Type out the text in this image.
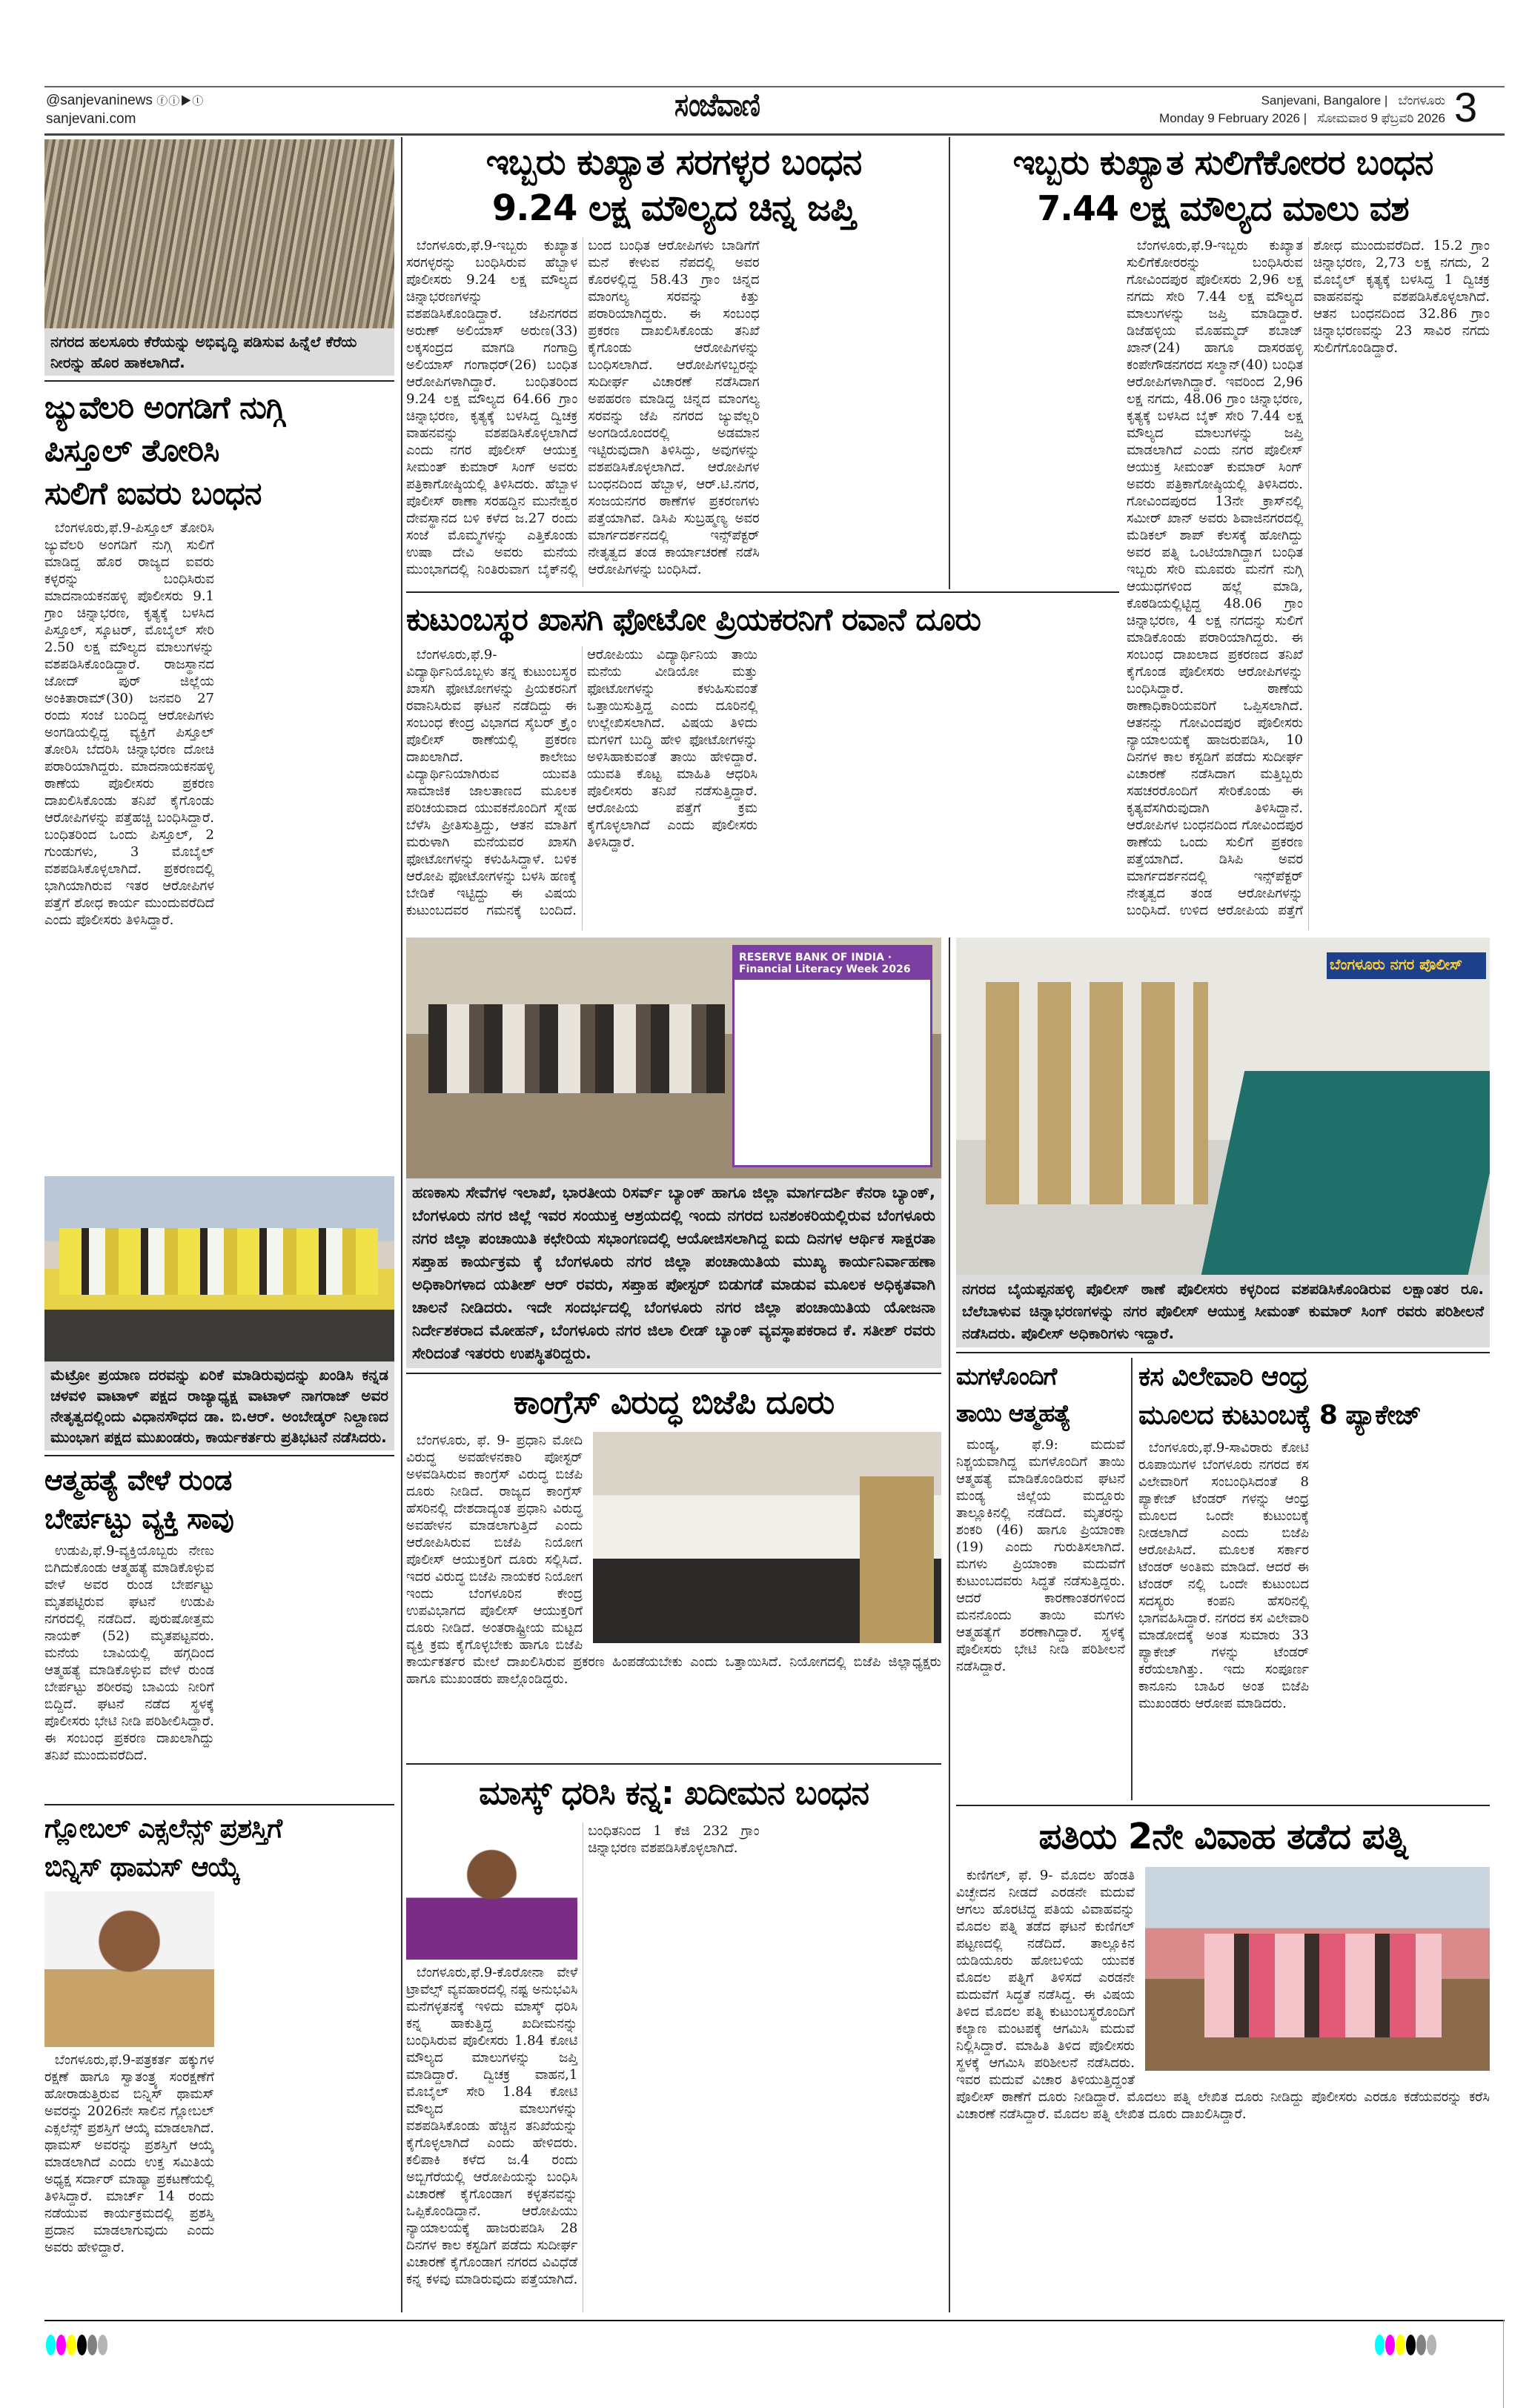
@sanjevaninews ⓕⓘ▶ⓣ
sanjevani.com	ಸಂಜೆವಾಣಿ	Sanjevani, Bangalore | ಬೆಂಗಳೂರು
Monday 9 February 2026 | ಸೋಮವಾರ 9 ಫೆಬ್ರವರಿ 2026 3
ನಗರದ ಹಲಸೂರು ಕೆರೆಯನ್ನು ಅಭಿವೃದ್ಧಿ ಪಡಿಸುವ ಹಿನ್ನೆಲೆ ಕೆರೆಯ ನೀರನ್ನು ಹೊರ ಹಾಕಲಾಗಿದೆ.
ಜ್ಯುವೆಲರಿ ಅಂಗಡಿಗೆ ನುಗ್ಗಿ
ಪಿಸ್ತೂಲ್ ತೋರಿಸಿ
ಸುಲಿಗೆ ಐವರು ಬಂಧನ

ಬೆಂಗಳೂರು,ಫೆ.9-ಪಿಸ್ತೂಲ್ ತೋರಿಸಿ ಜ್ಯುವೆಲರಿ ಅಂಗಡಿಗೆ ನುಗ್ಗಿ ಸುಲಿಗೆ ಮಾಡಿದ್ದ ಹೊರ ರಾಜ್ಯದ ಐವರು ಕಳ್ಳರನ್ನು ಬಂಧಿಸಿರುವ ಮಾದನಾಯಕನಹಳ್ಳಿ ಪೊಲೀಸರು 9.1 ಗ್ರಾಂ ಚಿನ್ನಾಭರಣ, ಕೃತ್ಯಕ್ಕೆ ಬಳಸಿದ ಪಿಸ್ತೂಲ್, ಸ್ಕೂಟರ್, ಮೊಬೈಲ್ ಸೇರಿ 2.50 ಲಕ್ಷ ಮೌಲ್ಯದ ಮಾಲುಗಳನ್ನು ವಶಪಡಿಸಿಕೊಂಡಿದ್ದಾರೆ. ರಾಜಸ್ಥಾನದ ಜೋದ್ ಪುರ್ ಜಿಲ್ಲೆಯ ಅಂಕಿತಾರಾಮ್(30) ಜನವರಿ 27 ರಂದು ಸಂಜೆ ಬಂದಿದ್ದ ಆರೋಪಿಗಳು ಅಂಗಡಿಯಲ್ಲಿದ್ದ ವ್ಯಕ್ತಿಗೆ ಪಿಸ್ತೂಲ್ ತೋರಿಸಿ ಬೆದರಿಸಿ ಚಿನ್ನಾಭರಣ ದೋಚಿ ಪರಾರಿಯಾಗಿದ್ದರು. ಮಾದನಾಯಕನಹಳ್ಳಿ ಠಾಣೆಯ ಪೊಲೀಸರು ಪ್ರಕರಣ ದಾಖಲಿಸಿಕೊಂಡು ತನಿಖೆ ಕೈಗೊಂಡು ಆರೋಪಿಗಳನ್ನು ಪತ್ತೆಹಚ್ಚಿ ಬಂಧಿಸಿದ್ದಾರೆ. ಬಂಧಿತರಿಂದ ಒಂದು ಪಿಸ್ತೂಲ್, 2 ಗುಂಡುಗಳು, 3 ಮೊಬೈಲ್ ವಶಪಡಿಸಿಕೊಳ್ಳಲಾಗಿದೆ. ಪ್ರಕರಣದಲ್ಲಿ ಭಾಗಿಯಾಗಿರುವ ಇತರ ಆರೋಪಿಗಳ ಪತ್ತೆಗೆ ಶೋಧ ಕಾರ್ಯ ಮುಂದುವರೆದಿದೆ ಎಂದು ಪೊಲೀಸರು ತಿಳಿಸಿದ್ದಾರೆ.

ಮೆಟ್ರೋ ಪ್ರಯಾಣ ದರವನ್ನು ಏರಿಕೆ ಮಾಡಿರುವುದನ್ನು ಖಂಡಿಸಿ ಕನ್ನಡ ಚಳವಳಿ ವಾಟಾಳ್ ಪಕ್ಷದ ರಾಜ್ಯಾಧ್ಯಕ್ಷ ವಾಟಾಳ್ ನಾಗರಾಜ್ ಅವರ ನೇತೃತ್ವದಲ್ಲಿಂದು ವಿಧಾನಸೌಧದ ಡಾ. ಬಿ.ಆರ್. ಅಂಬೇಡ್ಕರ್ ನಿಲ್ದಾಣದ ಮುಂಭಾಗ ಪಕ್ಷದ ಮುಖಂಡರು, ಕಾರ್ಯಕರ್ತರು ಪ್ರತಿಭಟನೆ ನಡೆಸಿದರು.
ಆತ್ಮಹತ್ಯೆ ವೇಳೆ ರುಂಡ
ಬೇರ್ಪಟ್ಟು ವ್ಯಕ್ತಿ ಸಾವು

ಉಡುಪಿ,ಫೆ.9-ವ್ಯಕ್ತಿಯೊಬ್ಬರು ನೇಣು ಬಿಗಿದುಕೊಂಡು ಆತ್ಮಹತ್ಯೆ ಮಾಡಿಕೊಳ್ಳುವ ವೇಳೆ ಅವರ ರುಂಡ ಬೇರ್ಪಟ್ಟು ಮೃತಪಟ್ಟಿರುವ ಘಟನೆ ಉಡುಪಿ ನಗರದಲ್ಲಿ ನಡೆದಿದೆ. ಪುರುಷೋತ್ತಮ ನಾಯಕ್ (52) ಮೃತಪಟ್ಟವರು. ಮನೆಯ ಬಾವಿಯಲ್ಲಿ ಹಗ್ಗದಿಂದ ಆತ್ಮಹತ್ಯೆ ಮಾಡಿಕೊಳ್ಳುವ ವೇಳೆ ರುಂಡ ಬೇರ್ಪಟ್ಟು ಶರೀರವು ಬಾವಿಯ ನೀರಿಗೆ ಬಿದ್ದಿದೆ. ಘಟನೆ ನಡೆದ ಸ್ಥಳಕ್ಕೆ ಪೊಲೀಸರು ಭೇಟಿ ನೀಡಿ ಪರಿಶೀಲಿಸಿದ್ದಾರೆ. ಈ ಸಂಬಂಧ ಪ್ರಕರಣ ದಾಖಲಾಗಿದ್ದು ತನಿಖೆ ಮುಂದುವರೆದಿದೆ.

ಗ್ಲೋಬಲ್ ಎಕ್ಸಲೆನ್ಸ್ ಪ್ರಶಸ್ತಿಗೆ
ಬಿನ್ನಿಸ್ ಥಾಮಸ್ ಆಯ್ಕೆ

ಬೆಂಗಳೂರು,ಫೆ.9-ಪತ್ರಕರ್ತ ಹಕ್ಕುಗಳ ರಕ್ಷಣೆ ಹಾಗೂ ಸ್ವಾತಂತ್ರ್ಯ ಸಂರಕ್ಷಣೆಗೆ ಹೋರಾಡುತ್ತಿರುವ ಬಿನ್ನಿಸ್ ಥಾಮಸ್ ಅವರನ್ನು 2026ನೇ ಸಾಲಿನ ಗ್ಲೋಬಲ್ ಎಕ್ಸಲೆನ್ಸ್ ಪ್ರಶಸ್ತಿಗೆ ಆಯ್ಕೆ ಮಾಡಲಾಗಿದೆ. ಥಾಮಸ್ ಅವರನ್ನು ಪ್ರಶಸ್ತಿಗೆ ಆಯ್ಕೆ ಮಾಡಲಾಗಿದೆ ಎಂದು ಉಕ್ತ ಸಮಿತಿಯ ಅಧ್ಯಕ್ಷ ಸರ್ದಾರ್ ಮಾಹ್ಯಾ ಪ್ರಕಟಣೆಯಲ್ಲಿ ತಿಳಿಸಿದ್ದಾರೆ. ಮಾರ್ಚ್ 14 ರಂದು ನಡೆಯುವ ಕಾರ್ಯಕ್ರಮದಲ್ಲಿ ಪ್ರಶಸ್ತಿ ಪ್ರದಾನ ಮಾಡಲಾಗುವುದು ಎಂದು ಅವರು ಹೇಳಿದ್ದಾರೆ.

ಇಬ್ಬರು ಕುಖ್ಯಾತ ಸರಗಳ್ಳರ ಬಂಧನ
9.24 ಲಕ್ಷ ಮೌಲ್ಯದ ಚಿನ್ನ ಜಪ್ತಿ

ಬೆಂಗಳೂರು,ಫೆ.9-ಇಬ್ಬರು ಕುಖ್ಯಾತ ಸರಗಳ್ಳರನ್ನು ಬಂಧಿಸಿರುವ ಹೆಬ್ಬಾಳ ಪೊಲೀಸರು 9.24 ಲಕ್ಷ ಮೌಲ್ಯದ ಚಿನ್ನಾಭರಣಗಳನ್ನು ವಶಪಡಿಸಿಕೊಂಡಿದ್ದಾರೆ. ಜೆಪಿನಗರದ ಅರುಣ್ ಅಲಿಯಾಸ್ ಅರುಣ(33) ಲಕ್ಕಸಂದ್ರದ ಮಾಗಡಿ ಗಂಗಾದ್ರಿ ಅಲಿಯಾಸ್ ಗಂಗಾಧರ್(26) ಬಂಧಿತ ಆರೋಪಿಗಳಾಗಿದ್ದಾರೆ. ಬಂಧಿತರಿಂದ 9.24 ಲಕ್ಷ ಮೌಲ್ಯದ 64.66 ಗ್ರಾಂ ಚಿನ್ನಾಭರಣ, ಕೃತ್ಯಕ್ಕೆ ಬಳಸಿದ್ದ ದ್ವಿಚಕ್ರ ವಾಹನವನ್ನು ವಶಪಡಿಸಿಕೊಳ್ಳಲಾಗಿದೆ ಎಂದು ನಗರ ಪೊಲೀಸ್ ಆಯುಕ್ತ ಸೀಮಂತ್ ಕುಮಾರ್ ಸಿಂಗ್ ಅವರು ಪತ್ರಿಕಾಗೋಷ್ಠಿಯಲ್ಲಿ ತಿಳಿಸಿದರು. ಹೆಬ್ಬಾಳ ಪೊಲೀಸ್ ಠಾಣಾ ಸರಹದ್ದಿನ ಮುನೇಶ್ವರ ದೇವಸ್ಥಾನದ ಬಳಿ ಕಳೆದ ಜ.27 ರಂದು ಸಂಜೆ ಮೊಮ್ಮಗಳನ್ನು ಎತ್ತಿಕೊಂಡು ಉಷಾ ದೇವಿ ಅವರು ಮನೆಯ ಮುಂಭಾಗದಲ್ಲಿ ನಿಂತಿರುವಾಗ ಬೈಕ್‌ನಲ್ಲಿ ಬಂದ ಬಂಧಿತ ಆರೋಪಿಗಳು ಬಾಡಿಗೆಗೆ ಮನೆ ಕೇಳುವ ನೆಪದಲ್ಲಿ ಅವರ ಕೊರಳಲ್ಲಿದ್ದ 58.43 ಗ್ರಾಂ ಚಿನ್ನದ ಮಾಂಗಲ್ಯ ಸರವನ್ನು ಕಿತ್ತು ಪರಾರಿಯಾಗಿದ್ದರು. ಈ ಸಂಬಂಧ ಪ್ರಕರಣ ದಾಖಲಿಸಿಕೊಂಡು ತನಿಖೆ ಕೈಗೊಂಡು ಆರೋಪಿಗಳನ್ನು ಬಂಧಿಸಲಾಗಿದೆ. ಆರೋಪಿಗಳಿಬ್ಬರನ್ನು ಸುದೀರ್ಘ ವಿಚಾರಣೆ ನಡೆಸಿದಾಗ ಅಪಹರಣ ಮಾಡಿದ್ದ ಚಿನ್ನದ ಮಾಂಗಲ್ಯ ಸರವನ್ನು ಜೆಪಿ ನಗರದ ಜ್ಯುವೆಲ್ಲರಿ ಅಂಗಡಿಯೊಂದರಲ್ಲಿ ಅಡಮಾನ ಇಟ್ಟಿರುವುದಾಗಿ ತಿಳಿಸಿದ್ದು, ಅವುಗಳನ್ನು ವಶಪಡಿಸಿಕೊಳ್ಳಲಾಗಿದೆ. ಆರೋಪಿಗಳ ಬಂಧನದಿಂದ ಹೆಬ್ಬಾಳ, ಆರ್.ಟಿ.ನಗರ, ಸಂಜಯನಗರ ಠಾಣೆಗಳ ಪ್ರಕರಣಗಳು ಪತ್ತೆಯಾಗಿವೆ. ಡಿಸಿಪಿ ಸುಬ್ರಹ್ಮಣ್ಯ ಅವರ ಮಾರ್ಗದರ್ಶನದಲ್ಲಿ ಇನ್ಸ್‌ಪೆಕ್ಟರ್ ನೇತೃತ್ವದ ತಂಡ ಕಾರ್ಯಾಚರಣೆ ನಡೆಸಿ ಆರೋಪಿಗಳನ್ನು ಬಂಧಿಸಿದೆ.

ಕುಟುಂಬಸ್ಥರ ಖಾಸಗಿ ಫೋಟೋ ಪ್ರಿಯಕರನಿಗೆ ರವಾನೆ ದೂರು

ಬೆಂಗಳೂರು,ಫೆ.9-ವಿದ್ಯಾರ್ಥಿನಿಯೊಬ್ಬಳು ತನ್ನ ಕುಟುಂಬಸ್ಥರ ಖಾಸಗಿ ಫೋಟೋಗಳನ್ನು ಪ್ರಿಯಕರನಿಗೆ ರವಾನಿಸಿರುವ ಘಟನೆ ನಡೆದಿದ್ದು ಈ ಸಂಬಂಧ ಕೇಂದ್ರ ವಿಭಾಗದ ಸೈಬರ್ ಕ್ರೈಂ ಪೊಲೀಸ್ ಠಾಣೆಯಲ್ಲಿ ಪ್ರಕರಣ ದಾಖಲಾಗಿದೆ. ಕಾಲೇಜು ವಿದ್ಯಾರ್ಥಿನಿಯಾಗಿರುವ ಯುವತಿ ಸಾಮಾಜಿಕ ಜಾಲತಾಣದ ಮೂಲಕ ಪರಿಚಯವಾದ ಯುವಕನೊಂದಿಗೆ ಸ್ನೇಹ ಬೆಳೆಸಿ ಪ್ರೀತಿಸುತ್ತಿದ್ದು, ಆತನ ಮಾತಿಗೆ ಮರುಳಾಗಿ ಮನೆಯವರ ಖಾಸಗಿ ಫೋಟೋಗಳನ್ನು ಕಳುಹಿಸಿದ್ದಾಳೆ. ಬಳಿಕ ಆರೋಪಿ ಫೋಟೋಗಳನ್ನು ಬಳಸಿ ಹಣಕ್ಕೆ ಬೇಡಿಕೆ ಇಟ್ಟಿದ್ದು ಈ ವಿಷಯ ಕುಟುಂಬದವರ ಗಮನಕ್ಕೆ ಬಂದಿದೆ. ಆರೋಪಿಯು ವಿದ್ಯಾರ್ಥಿನಿಯ ತಾಯಿ ಮನೆಯ ವೀಡಿಯೋ ಮತ್ತು ಫೋಟೋಗಳನ್ನು ಕಳುಹಿಸುವಂತೆ ಒತ್ತಾಯಿಸುತ್ತಿದ್ದ ಎಂದು ದೂರಿನಲ್ಲಿ ಉಲ್ಲೇಖಿಸಲಾಗಿದೆ. ವಿಷಯ ತಿಳಿದು ಮಗಳಿಗೆ ಬುದ್ಧಿ ಹೇಳಿ ಫೋಟೋಗಳನ್ನು ಅಳಿಸಿಹಾಕುವಂತೆ ತಾಯಿ ಹೇಳಿದ್ದಾರೆ. ಯುವತಿ ಕೊಟ್ಟ ಮಾಹಿತಿ ಆಧರಿಸಿ ಪೊಲೀಸರು ತನಿಖೆ ನಡೆಸುತ್ತಿದ್ದಾರೆ. ಆರೋಪಿಯ ಪತ್ತೆಗೆ ಕ್ರಮ ಕೈಗೊಳ್ಳಲಾಗಿದೆ ಎಂದು ಪೊಲೀಸರು ತಿಳಿಸಿದ್ದಾರೆ.

ಇಬ್ಬರು ಕುಖ್ಯಾತ ಸುಲಿಗೆಕೋರರ ಬಂಧನ
7.44 ಲಕ್ಷ ಮೌಲ್ಯದ ಮಾಲು ವಶ

ಬೆಂಗಳೂರು,ಫೆ.9-ಇಬ್ಬರು ಕುಖ್ಯಾತ ಸುಲಿಗೆಕೋರರನ್ನು ಬಂಧಿಸಿರುವ ಗೋವಿಂದಪುರ ಪೊಲೀಸರು 2,96 ಲಕ್ಷ ನಗದು ಸೇರಿ 7.44 ಲಕ್ಷ ಮೌಲ್ಯದ ಮಾಲುಗಳನ್ನು ಜಪ್ತಿ ಮಾಡಿದ್ದಾರೆ. ಡಿಜೆಹಳ್ಳಿಯ ಮೊಹಮ್ಮದ್ ಶಬಾಜ್ ಖಾನ್(24) ಹಾಗೂ ದಾಸರಹಳ್ಳಿ ಕಂಪೇಗೌಡನಗರದ ಸಲ್ಮಾನ್(40) ಬಂಧಿತ ಆರೋಪಿಗಳಾಗಿದ್ದಾರೆ. ಇವರಿಂದ 2,96 ಲಕ್ಷ ನಗದು, 48.06 ಗ್ರಾಂ ಚಿನ್ನಾಭರಣ, ಕೃತ್ಯಕ್ಕೆ ಬಳಸಿದ ಬೈಕ್ ಸೇರಿ 7.44 ಲಕ್ಷ ಮೌಲ್ಯದ ಮಾಲುಗಳನ್ನು ಜಪ್ತಿ ಮಾಡಲಾಗಿದೆ ಎಂದು ನಗರ ಪೊಲೀಸ್ ಆಯುಕ್ತ ಸೀಮಂತ್ ಕುಮಾರ್ ಸಿಂಗ್ ಅವರು ಪತ್ರಿಕಾಗೋಷ್ಠಿಯಲ್ಲಿ ತಿಳಿಸಿದರು. ಗೋವಿಂದಪುರದ 13ನೇ ಕ್ರಾಸ್‌ನಲ್ಲಿ ಸಮೀರ್ ಖಾನ್ ಅವರು ಶಿವಾಜಿನಗರದಲ್ಲಿ ಮೆಡಿಕಲ್ ಶಾಪ್ ಕೆಲಸಕ್ಕೆ ಹೋಗಿದ್ದು ಅವರ ಪತ್ನಿ ಒಂಟಿಯಾಗಿದ್ದಾಗ ಬಂಧಿತ ಇಬ್ಬರು ಸೇರಿ ಮೂವರು ಮನೆಗೆ ನುಗ್ಗಿ ಆಯುಧಗಳಿಂದ ಹಲ್ಲೆ ಮಾಡಿ, ಕೊಠಡಿಯಲ್ಲಿಟ್ಟಿದ್ದ 48.06 ಗ್ರಾಂ ಚಿನ್ನಾಭರಣ, 4 ಲಕ್ಷ ನಗದನ್ನು ಸುಲಿಗೆ ಮಾಡಿಕೊಂಡು ಪರಾರಿಯಾಗಿದ್ದರು. ಈ ಸಂಬಂಧ ದಾಖಲಾದ ಪ್ರಕರಣದ ತನಿಖೆ ಕೈಗೊಂಡ ಪೊಲೀಸರು ಆರೋಪಿಗಳನ್ನು ಬಂಧಿಸಿದ್ದಾರೆ. ಠಾಣೆಯ ಠಾಣಾಧಿಕಾರಿಯವರಿಗೆ ಒಪ್ಪಿಸಲಾಗಿದೆ. ಆತನನ್ನು ಗೋವಿಂದಪುರ ಪೊಲೀಸರು ನ್ಯಾಯಾಲಯಕ್ಕೆ ಹಾಜರುಪಡಿಸಿ, 10 ದಿನಗಳ ಕಾಲ ಕಸ್ಟಡಿಗೆ ಪಡೆದು ಸುದೀರ್ಘ ವಿಚಾರಣೆ ನಡೆಸಿದಾಗ ಮತ್ತಿಬ್ಬರು ಸಹಚರರೊಂದಿಗೆ ಸೇರಿಕೊಂಡು ಈ ಕೃತ್ಯವೆಸಗಿರುವುದಾಗಿ ತಿಳಿಸಿದ್ದಾನೆ. ಆರೋಪಿಗಳ ಬಂಧನದಿಂದ ಗೋವಿಂದಪುರ ಠಾಣೆಯ ಒಂದು ಸುಲಿಗೆ ಪ್ರಕರಣ ಪತ್ತೆಯಾಗಿದೆ. ಡಿಸಿಪಿ ಅವರ ಮಾರ್ಗದರ್ಶನದಲ್ಲಿ ಇನ್ಸ್‌ಪೆಕ್ಟರ್ ನೇತೃತ್ವದ ತಂಡ ಆರೋಪಿಗಳನ್ನು ಬಂಧಿಸಿದೆ. ಉಳಿದ ಆರೋಪಿಯ ಪತ್ತೆಗೆ ಶೋಧ ಮುಂದುವರೆದಿದೆ. 15.2 ಗ್ರಾಂ ಚಿನ್ನಾಭರಣ, 2,73 ಲಕ್ಷ ನಗದು, 2 ಮೊಬೈಲ್ ಕೃತ್ಯಕ್ಕೆ ಬಳಸಿದ್ದ 1 ದ್ವಿಚಕ್ರ ವಾಹನವನ್ನು ವಶಪಡಿಸಿಕೊಳ್ಳಲಾಗಿದೆ. ಆತನ ಬಂಧನದಿಂದ 32.86 ಗ್ರಾಂ ಚಿನ್ನಾಭರಣವನ್ನು 23 ಸಾವಿರ ನಗದು ಸುಲಿಗೆಗೊಂಡಿದ್ದಾರೆ.

RESERVE BANK OF INDIA · Financial Literacy Week 2026
ಹಣಕಾಸು ಸೇವೆಗಳ ಇಲಾಖೆ, ಭಾರತೀಯ ರಿಸರ್ವ್ ಬ್ಯಾಂಕ್ ಹಾಗೂ ಜಿಲ್ಲಾ ಮಾರ್ಗದರ್ಶಿ ಕೆನರಾ ಬ್ಯಾಂಕ್, ಬೆಂಗಳೂರು ನಗರ ಜಿಲ್ಲೆ ಇವರ ಸಂಯುಕ್ತ ಆಶ್ರಯದಲ್ಲಿ ಇಂದು ನಗರದ ಬನಶಂಕರಿಯಲ್ಲಿರುವ ಬೆಂಗಳೂರು ನಗರ ಜಿಲ್ಲಾ ಪಂಚಾಯಿತಿ ಕಛೇರಿಯ ಸಭಾಂಗಣದಲ್ಲಿ ಆಯೋಜಿಸಲಾಗಿದ್ದ ಐದು ದಿನಗಳ ಆರ್ಥಿಕ ಸಾಕ್ಷರತಾ ಸಪ್ತಾಹ ಕಾರ್ಯಕ್ರಮ ಕ್ಕೆ ಬೆಂಗಳೂರು ನಗರ ಜಿಲ್ಲಾ ಪಂಚಾಯಿತಿಯ ಮುಖ್ಯ ಕಾರ್ಯನಿರ್ವಾಹಣಾ ಅಧಿಕಾರಿಗಳಾದ ಯತೀಶ್ ಆರ್ ರವರು, ಸಪ್ತಾಹ ಪೋಸ್ಟರ್ ಬಿಡುಗಡೆ ಮಾಡುವ ಮೂಲಕ ಅಧಿಕೃತವಾಗಿ ಚಾಲನೆ ನೀಡಿದರು. ಇದೇ ಸಂದರ್ಭದಲ್ಲಿ ಬೆಂಗಳೂರು ನಗರ ಜಿಲ್ಲಾ ಪಂಚಾಯಿತಿಯ ಯೋಜನಾ ನಿರ್ದೇಶಕರಾದ ಮೋಹನ್, ಬೆಂಗಳೂರು ನಗರ ಜಿಲಾ ಲೀಡ್ ಬ್ಯಾಂಕ್ ವ್ಯವಸ್ಥಾಪಕರಾದ ಕೆ. ಸತೀಶ್ ರವರು ಸೇರಿದಂತೆ ಇತರರು ಉಪಸ್ಥಿತರಿದ್ದರು.
ಕಾಂಗ್ರೆಸ್ ವಿರುದ್ಧ ಬಿಜೆಪಿ ದೂರು

ಬೆಂಗಳೂರು, ಫೆ. 9- ಪ್ರಧಾನಿ ಮೋದಿ ವಿರುದ್ಧ ಅವಹೇಳನಕಾರಿ ಪೋಸ್ಟರ್ ಅಳವಡಿಸಿರುವ ಕಾಂಗ್ರೆಸ್ ವಿರುದ್ಧ ಬಿಜೆಪಿ ದೂರು ನೀಡಿದೆ. ರಾಜ್ಯದ ಕಾಂಗ್ರೆಸ್ ಹೆಸರಿನಲ್ಲಿ ದೇಶದಾದ್ಯಂತ ಪ್ರಧಾನಿ ವಿರುದ್ಧ ಅವಹೇಳನ ಮಾಡಲಾಗುತ್ತಿದೆ ಎಂದು ಆರೋಪಿಸಿರುವ ಬಿಜೆಪಿ ನಿಯೋಗ ಪೊಲೀಸ್ ಆಯುಕ್ತರಿಗೆ ದೂರು ಸಲ್ಲಿಸಿದೆ. ಇದರ ವಿರುದ್ಧ ಬಿಜೆಪಿ ನಾಯಕರ ನಿಯೋಗ ಇಂದು ಬೆಂಗಳೂರಿನ ಕೇಂದ್ರ ಉಪವಿಭಾಗದ ಪೊಲೀಸ್ ಆಯುಕ್ತರಿಗೆ ದೂರು ನೀಡಿದೆ. ಅಂತರಾಷ್ಟ್ರೀಯ ಮಟ್ಟದ ವ್ಯಕ್ತಿ ಕ್ರಮ ಕೈಗೊಳ್ಳಬೇಕು ಹಾಗೂ ಬಿಜೆಪಿ ಕಾರ್ಯಕರ್ತರ ಮೇಲೆ ದಾಖಲಿಸಿರುವ ಪ್ರಕರಣ ಹಿಂಪಡೆಯಬೇಕು ಎಂದು ಒತ್ತಾಯಿಸಿದೆ. ನಿಯೋಗದಲ್ಲಿ ಬಿಜೆಪಿ ಜಿಲ್ಲಾಧ್ಯಕ್ಷರು ಹಾಗೂ ಮುಖಂಡರು ಪಾಲ್ಗೊಂಡಿದ್ದರು.

ಮಾಸ್ಕ್ ಧರಿಸಿ ಕನ್ನ: ಖದೀಮನ ಬಂಧನ

ಬೆಂಗಳೂರು,ಫೆ.9-ಕೊರೋನಾ ವೇಳೆ ಟ್ರಾವೆಲ್ಸ್ ವ್ಯವಹಾರದಲ್ಲಿ ನಷ್ಟ ಅನುಭವಿಸಿ ಮನೆಗಳ್ಳತನಕ್ಕೆ ಇಳಿದು ಮಾಸ್ಕ್ ಧರಿಸಿ ಕನ್ನ ಹಾಕುತ್ತಿದ್ದ ಖದೀಮನನ್ನು ಬಂಧಿಸಿರುವ ಪೊಲೀಸರು 1.84 ಕೋಟಿ ಮೌಲ್ಯದ ಮಾಲುಗಳನ್ನು ಜಪ್ತಿ ಮಾಡಿದ್ದಾರೆ. ದ್ವಿಚಕ್ರ ವಾಹನ,1 ಮೊಬೈಲ್ ಸೇರಿ 1.84 ಕೋಟಿ ಮೌಲ್ಯದ ಮಾಲುಗಳನ್ನು ವಶಪಡಿಸಿಕೊಂಡು ಹೆಚ್ಚಿನ ತನಿಖೆಯನ್ನು ಕೈಗೊಳ್ಳಲಾಗಿದೆ ಎಂದು ಹೇಳಿದರು. ಕಲಿಪಾಕಿ ಕಳೆದ ಜ.4 ರಂದು ಅಬ್ಬಿಗೆರೆಯಲ್ಲಿ ಆರೋಪಿಯನ್ನು ಬಂಧಿಸಿ ವಿಚಾರಣೆ ಕೈಗೊಂಡಾಗ ಕಳ್ಳತನವನ್ನು ಒಪ್ಪಿಕೊಂಡಿದ್ದಾನೆ. ಆರೋಪಿಯು ನ್ಯಾಯಾಲಯಕ್ಕೆ ಹಾಜರುಪಡಿಸಿ 28 ದಿನಗಳ ಕಾಲ ಕಸ್ಟಡಿಗೆ ಪಡೆದು ಸುದೀರ್ಘ ವಿಚಾರಣೆ ಕೈಗೊಂಡಾಗ ನಗರದ ವಿವಿಧೆಡೆ ಕನ್ನ ಕಳವು ಮಾಡಿರುವುದು ಪತ್ತೆಯಾಗಿದೆ. ಬಂಧಿತನಿಂದ 1 ಕೆಜಿ 232 ಗ್ರಾಂ ಚಿನ್ನಾಭರಣ ವಶಪಡಿಸಿಕೊಳ್ಳಲಾಗಿದೆ.

ಬೆಂಗಳೂರು ನಗರ ಪೊಲೀಸ್
ನಗರದ ಬೈಯಪ್ಪನಹಳ್ಳಿ ಪೊಲೀಸ್ ಠಾಣೆ ಪೊಲೀಸರು ಕಳ್ಳರಿಂದ ವಶಪಡಿಸಿಕೊಂಡಿರುವ ಲಕ್ಷಾಂತರ ರೂ. ಬೆಲೆಬಾಳುವ ಚಿನ್ನಾಭರಣಗಳನ್ನು ನಗರ ಪೊಲೀಸ್ ಆಯುಕ್ತ ಸೀಮಂತ್ ಕುಮಾರ್ ಸಿಂಗ್ ರವರು ಪರಿಶೀಲನೆ ನಡೆಸಿದರು. ಪೊಲೀಸ್ ಅಧಿಕಾರಿಗಳು ಇದ್ದಾರೆ.
ಮಗಳೊಂದಿಗೆ
ತಾಯಿ ಆತ್ಮಹತ್ಯೆ

ಮಂಡ್ಯ, ಫೆ.9: ಮದುವೆ ನಿಶ್ಚಯವಾಗಿದ್ದ ಮಗಳೊಂದಿಗೆ ತಾಯಿ ಆತ್ಮಹತ್ಯೆ ಮಾಡಿಕೊಂಡಿರುವ ಘಟನೆ ಮಂಡ್ಯ ಜಿಲ್ಲೆಯ ಮದ್ದೂರು ತಾಲ್ಲೂಕಿನಲ್ಲಿ ನಡೆದಿದೆ. ಮೃತರನ್ನು ಶಂಕರಿ (46) ಹಾಗೂ ಪ್ರಿಯಾಂಕಾ (19) ಎಂದು ಗುರುತಿಸಲಾಗಿದೆ. ಮಗಳು ಪ್ರಿಯಾಂಕಾ ಮದುವೆಗೆ ಕುಟುಂಬದವರು ಸಿದ್ಧತೆ ನಡೆಸುತ್ತಿದ್ದರು. ಆದರೆ ಕಾರಣಾಂತರಗಳಿಂದ ಮನನೊಂದು ತಾಯಿ ಮಗಳು ಆತ್ಮಹತ್ಯೆಗೆ ಶರಣಾಗಿದ್ದಾರೆ. ಸ್ಥಳಕ್ಕೆ ಪೊಲೀಸರು ಭೇಟಿ ನೀಡಿ ಪರಿಶೀಲನೆ ನಡೆಸಿದ್ದಾರೆ.

ಕಸ ವಿಲೇವಾರಿ ಆಂಧ್ರ
ಮೂಲದ ಕುಟುಂಬಕ್ಕೆ 8 ಪ್ಯಾಕೇಜ್

ಬೆಂಗಳೂರು,ಫೆ.9-ಸಾವಿರಾರು ಕೋಟಿ ರೂಪಾಯಿಗಳ ಬೆಂಗಳೂರು ನಗರದ ಕಸ ವಿಲೇವಾರಿಗೆ ಸಂಬಂಧಿಸಿದಂತೆ 8 ಪ್ಯಾಕೇಜ್ ಟೆಂಡರ್ ಗಳನ್ನು ಆಂಧ್ರ ಮೂಲದ ಒಂದೇ ಕುಟುಂಬಕ್ಕೆ ನೀಡಲಾಗಿದೆ ಎಂದು ಬಿಜೆಪಿ ಆರೋಪಿಸಿದೆ. ಮೂಲಕ ಸರ್ಕಾರ ಟೆಂಡರ್ ಅಂತಿಮ ಮಾಡಿದೆ. ಆದರೆ ಈ ಟೆಂಡರ್ ನಲ್ಲಿ ಒಂದೇ ಕುಟುಂಬದ ಸದಸ್ಯರು ಕಂಪನಿ ಹೆಸರಿನಲ್ಲಿ ಭಾಗವಹಿಸಿದ್ದಾರೆ. ನಗರದ ಕಸ ವಿಲೇವಾರಿ ಮಾಡೋದಕ್ಕೆ ಅಂತ ಸುಮಾರು 33 ಪ್ಯಾಕೇಜ್ ಗಳನ್ನು ಟೆಂಡರ್ ಕರೆಯಲಾಗಿತ್ತು. ಇದು ಸಂಪೂರ್ಣ ಕಾನೂನು ಬಾಹಿರ ಅಂತ ಬಿಜೆಪಿ ಮುಖಂಡರು ಆರೋಪ ಮಾಡಿದರು.

ಪತಿಯ 2ನೇ ವಿವಾಹ ತಡೆದ ಪತ್ನಿ

ಕುಣಿಗಲ್, ಫೆ. 9- ಮೊದಲ ಹೆಂಡತಿ ವಿಚ್ಛೇದನ ನೀಡದೆ ಎರಡನೇ ಮದುವೆ ಆಗಲು ಹೊರಟಿದ್ದ ಪತಿಯ ವಿವಾಹವನ್ನು ಮೊದಲ ಪತ್ನಿ ತಡೆದ ಘಟನೆ ಕುಣಿಗಲ್ ಪಟ್ಟಣದಲ್ಲಿ ನಡೆದಿದೆ. ತಾಲ್ಲೂಕಿನ ಯಡಿಯೂರು ಹೋಬಳಿಯ ಯುವಕ ಮೊದಲ ಪತ್ನಿಗೆ ತಿಳಿಸದೆ ಎರಡನೇ ಮದುವೆಗೆ ಸಿದ್ಧತೆ ನಡೆಸಿದ್ದ. ಈ ವಿಷಯ ತಿಳಿದ ಮೊದಲ ಪತ್ನಿ ಕುಟುಂಬಸ್ಥರೊಂದಿಗೆ ಕಲ್ಯಾಣ ಮಂಟಪಕ್ಕೆ ಆಗಮಿಸಿ ಮದುವೆ ನಿಲ್ಲಿಸಿದ್ದಾರೆ. ಮಾಹಿತಿ ತಿಳಿದ ಪೊಲೀಸರು ಸ್ಥಳಕ್ಕೆ ಆಗಮಿಸಿ ಪರಿಶೀಲನೆ ನಡೆಸಿದರು. ಇವರ ಮದುವೆ ವಿಚಾರ ತಿಳಿಯುತ್ತಿದ್ದಂತೆ ಪೊಲೀಸ್ ಠಾಣೆಗೆ ದೂರು ನೀಡಿದ್ದಾರೆ. ಮೊದಲು ಪತ್ನಿ ಲೇಖಿತ ದೂರು ನೀಡಿದ್ದು ಪೊಲೀಸರು ಎರಡೂ ಕಡೆಯವರನ್ನು ಕರೆಸಿ ವಿಚಾರಣೆ ನಡೆಸಿದ್ದಾರೆ. ಮೊದಲ ಪತ್ನಿ ಲೇಖಿತ ದೂರು ದಾಖಲಿಸಿದ್ದಾರೆ.
